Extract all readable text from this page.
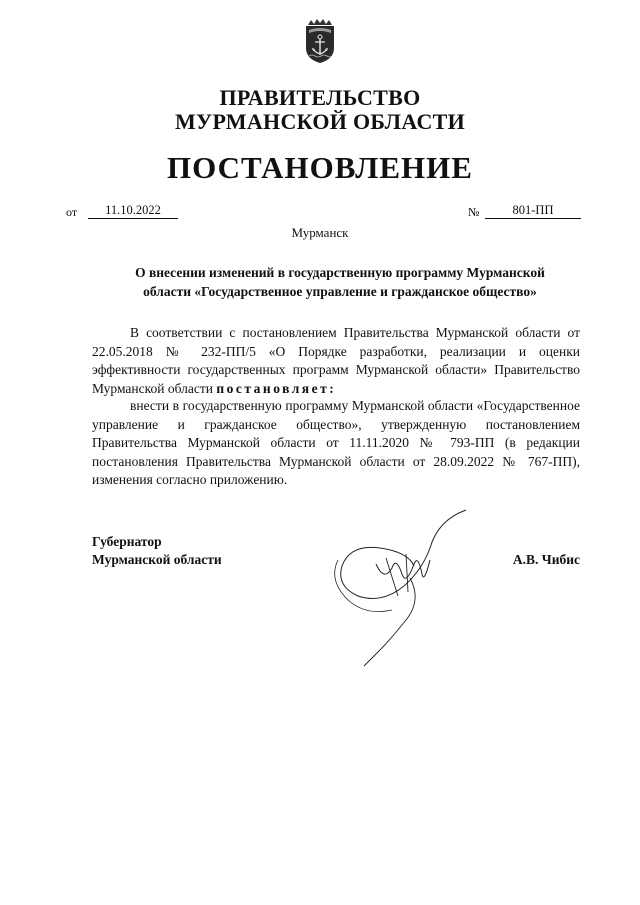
ПРАВИТЕЛЬСТВО
МУРМАНСКОЙ ОБЛАСТИ
ПОСТАНОВЛЕНИЕ
от	11.10.2022	№	801-ПП
Мурманск
О внесении изменений в государственную программу Мурманской
области «Государственное управление и гражданское общество»
В соответствии с постановлением Правительства Мурманской области от 22.05.2018 № 232-ПП/5 «О Порядке разработки, реализации и оценки эффективности государственных программ Мурманской области» Правительство Мурманской области постановляет:
внести в государственную программу Мурманской области «Государственное управление и гражданское общество», утвержденную постановлением Правительства Мурманской области от 11.11.2020 № 793-ПП (в редакции постановления Правительства Мурманской области от 28.09.2022 № 767-ПП), изменения согласно приложению.
Губернатор
Мурманской области	А.В. Чибис
